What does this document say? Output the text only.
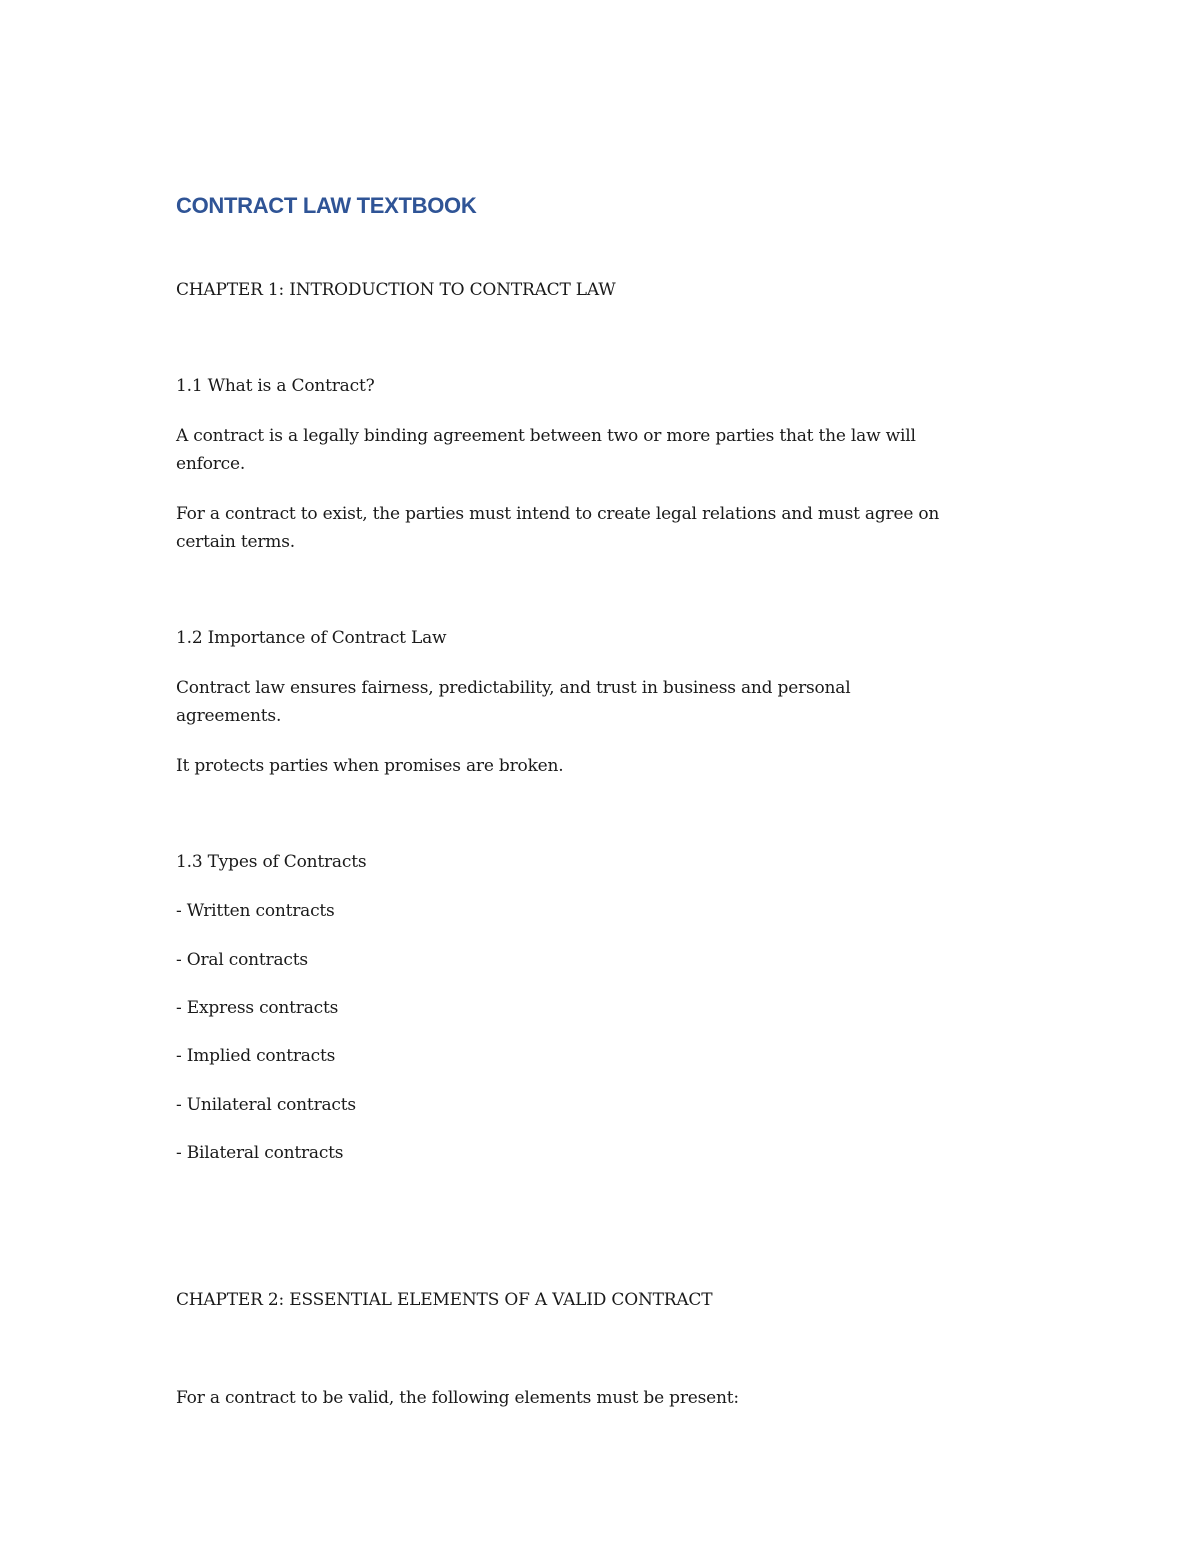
CONTRACT LAW TEXTBOOK

CHAPTER 1: INTRODUCTION TO CONTRACT LAW

1.1 What is a Contract?

A contract is a legally binding agreement between two or more parties that the law will

enforce.

For a contract to exist, the parties must intend to create legal relations and must agree on

certain terms.

1.2 Importance of Contract Law

Contract law ensures fairness, predictability, and trust in business and personal

agreements.

It protects parties when promises are broken.

1.3 Types of Contracts

- Written contracts

- Oral contracts

- Express contracts

- Implied contracts

- Unilateral contracts

- Bilateral contracts

CHAPTER 2: ESSENTIAL ELEMENTS OF A VALID CONTRACT

For a contract to be valid, the following elements must be present:
